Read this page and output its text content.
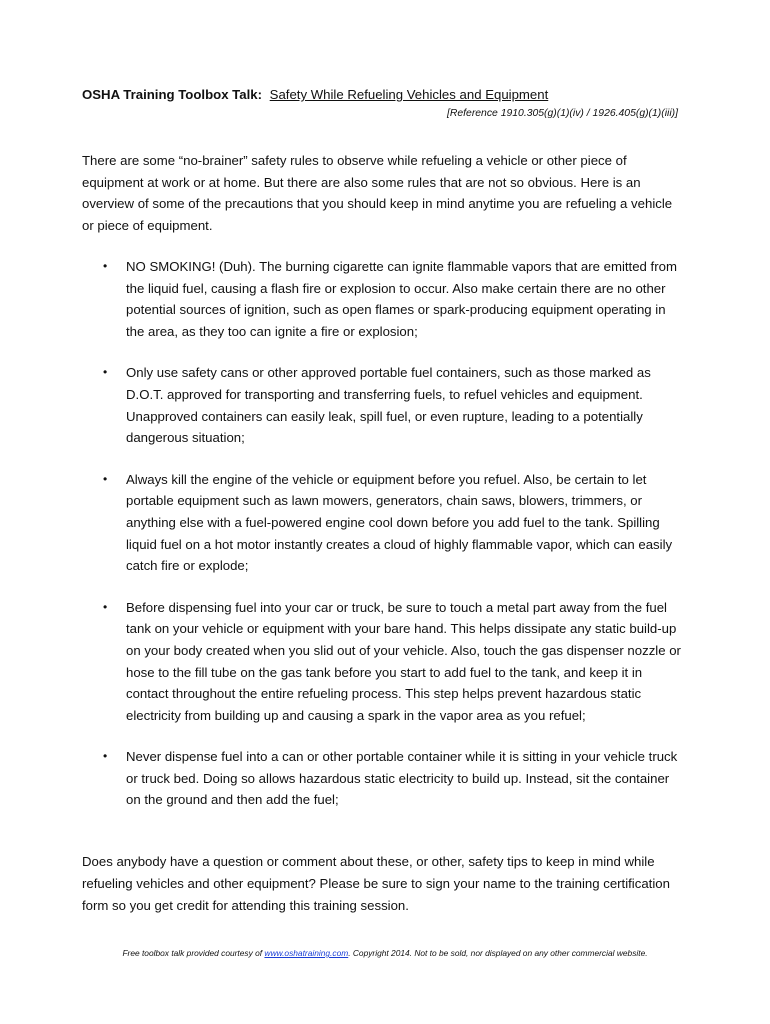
OSHA Training Toolbox Talk: Safety While Refueling Vehicles and Equipment
[Reference 1910.305(g)(1)(iv) / 1926.405(g)(1)(iii)]

There are some “no-brainer” safety rules to observe while refueling a vehicle or other piece of equipment at work or at home. But there are also some rules that are not so obvious. Here is an overview of some of the precautions that you should keep in mind anytime you are refueling a vehicle or piece of equipment.

• NO SMOKING! (Duh). The burning cigarette can ignite flammable vapors that are emitted from the liquid fuel, causing a flash fire or explosion to occur. Also make certain there are no other potential sources of ignition, such as open flames or spark-producing equipment operating in the area, as they too can ignite a fire or explosion;
• Only use safety cans or other approved portable fuel containers, such as those marked as D.O.T. approved for transporting and transferring fuels, to refuel vehicles and equipment. Unapproved containers can easily leak, spill fuel, or even rupture, leading to a potentially dangerous situation;
• Always kill the engine of the vehicle or equipment before you refuel. Also, be certain to let portable equipment such as lawn mowers, generators, chain saws, blowers, trimmers, or anything else with a fuel-powered engine cool down before you add fuel to the tank. Spilling liquid fuel on a hot motor instantly creates a cloud of highly flammable vapor, which can easily catch fire or explode;
• Before dispensing fuel into your car or truck, be sure to touch a metal part away from the fuel tank on your vehicle or equipment with your bare hand. This helps dissipate any static build-up on your body created when you slid out of your vehicle. Also, touch the gas dispenser nozzle or hose to the fill tube on the gas tank before you start to add fuel to the tank, and keep it in contact throughout the entire refueling process. This step helps prevent hazardous static electricity from building up and causing a spark in the vapor area as you refuel;
• Never dispense fuel into a can or other portable container while it is sitting in your vehicle truck or truck bed. Doing so allows hazardous static electricity to build up. Instead, sit the container on the ground and then add the fuel;

Does anybody have a question or comment about these, or other, safety tips to keep in mind while refueling vehicles and other equipment? Please be sure to sign your name to the training certification form so you get credit for attending this training session.

Free toolbox talk provided courtesy of www.oshatraining.com. Copyright 2014. Not to be sold, nor displayed on any other commercial website.
